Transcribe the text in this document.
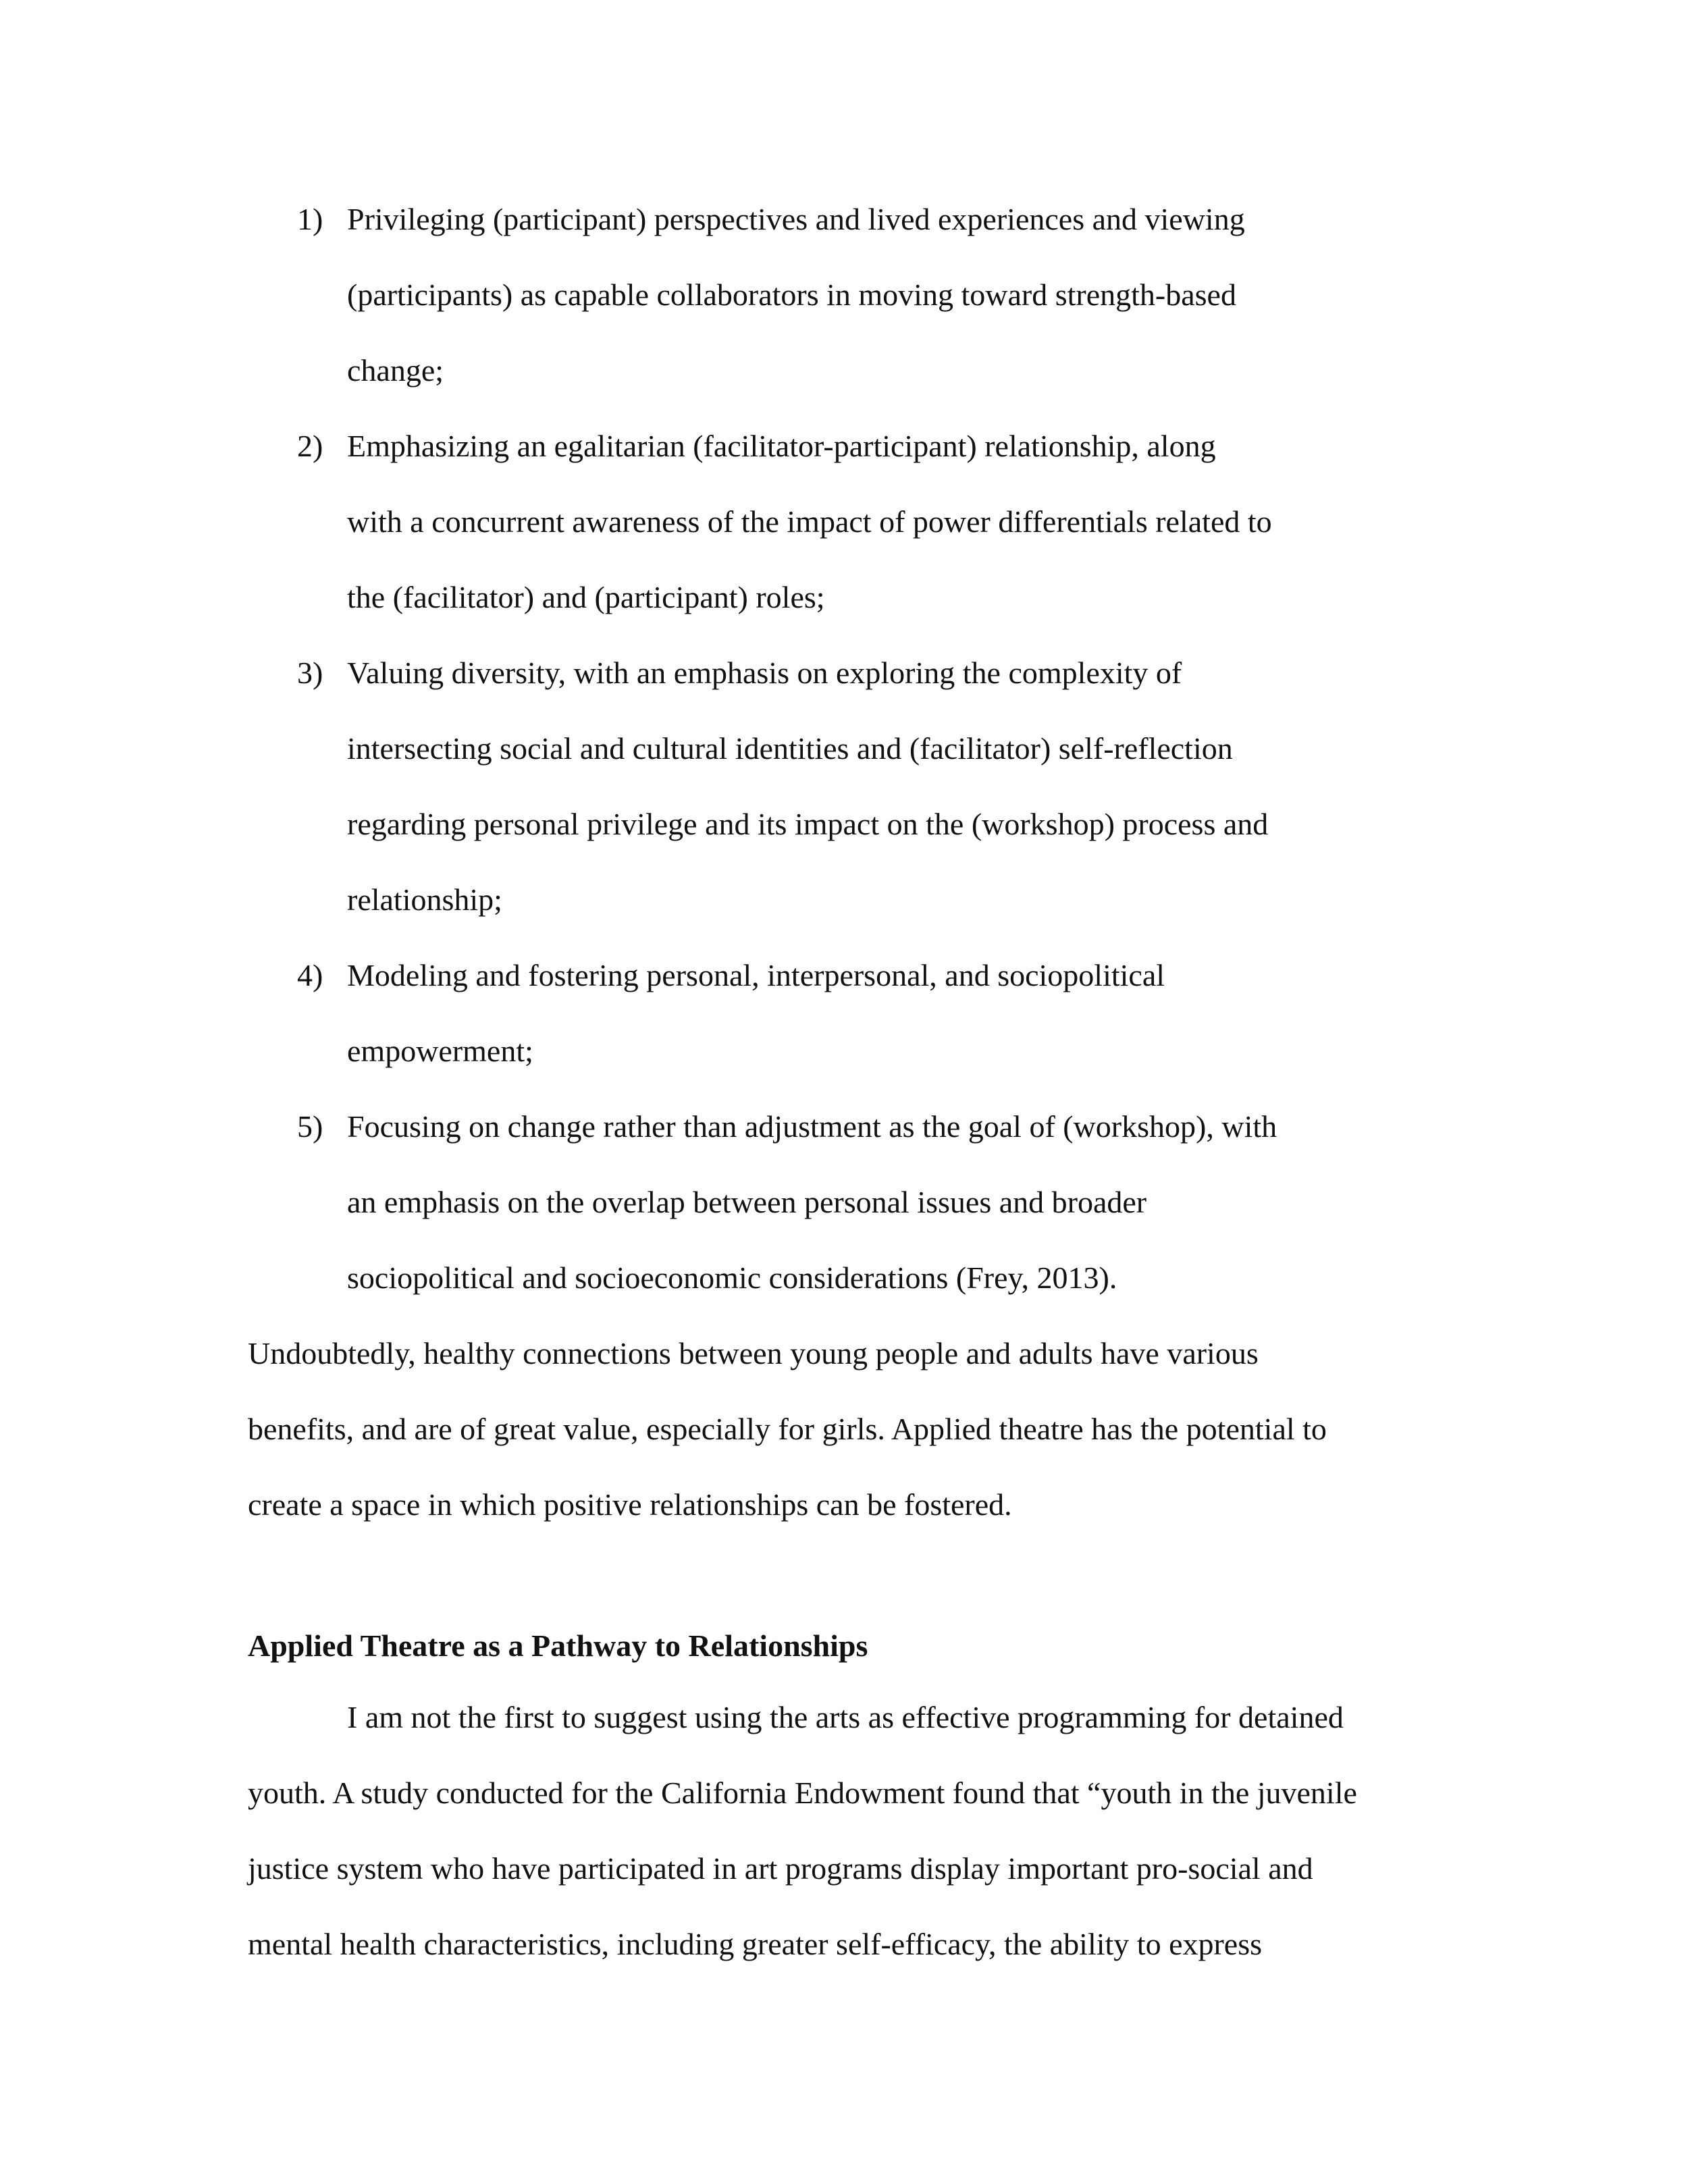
1) Privileging (participant) perspectives and lived experiences and viewing

(participants) as capable collaborators in moving toward strength-based

change;

2) Emphasizing an egalitarian (facilitator-participant) relationship, along

with a concurrent awareness of the impact of power differentials related to

the (facilitator) and (participant) roles;

3) Valuing diversity, with an emphasis on exploring the complexity of

intersecting social and cultural identities and (facilitator) self-reflection

regarding personal privilege and its impact on the (workshop) process and

relationship;

4) Modeling and fostering personal, interpersonal, and sociopolitical

empowerment;

5) Focusing on change rather than adjustment as the goal of (workshop), with

an emphasis on the overlap between personal issues and broader

sociopolitical and socioeconomic considerations (Frey, 2013).

Undoubtedly, healthy connections between young people and adults have various

benefits, and are of great value, especially for girls. Applied theatre has the potential to

create a space in which positive relationships can be fostered.

Applied Theatre as a Pathway to Relationships

I am not the first to suggest using the arts as effective programming for detained

youth. A study conducted for the California Endowment found that “youth in the juvenile

justice system who have participated in art programs display important pro-social and

mental health characteristics, including greater self-efficacy, the ability to express
